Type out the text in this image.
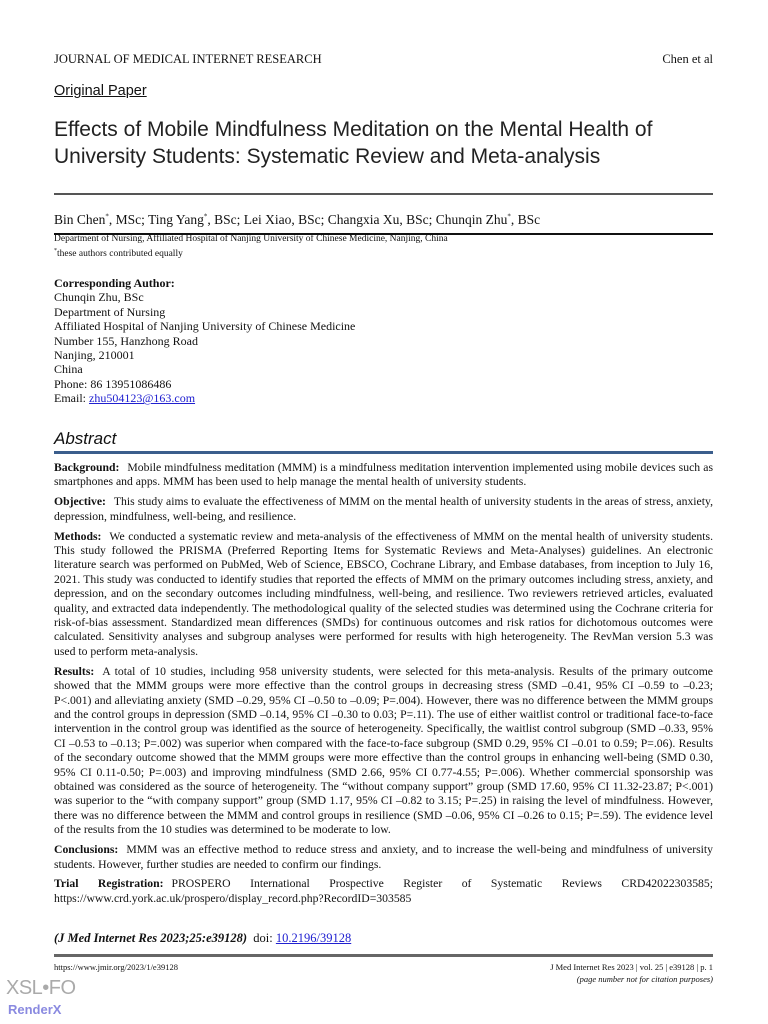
JOURNAL OF MEDICAL INTERNET RESEARCH	Chen et al
Original Paper
Effects of Mobile Mindfulness Meditation on the Mental Health of University Students: Systematic Review and Meta-analysis
Bin Chen*, MSc; Ting Yang*, BSc; Lei Xiao, BSc; Changxia Xu, BSc; Chunqin Zhu*, BSc
Department of Nursing, Affiliated Hospital of Nanjing University of Chinese Medicine, Nanjing, China
*these authors contributed equally
Corresponding Author:
Chunqin Zhu, BSc
Department of Nursing
Affiliated Hospital of Nanjing University of Chinese Medicine
Number 155, Hanzhong Road
Nanjing, 210001
China
Phone: 86 13951086486
Email: zhu504123@163.com
Abstract

Background: Mobile mindfulness meditation (MMM) is a mindfulness meditation intervention implemented using mobile devices such as smartphones and apps. MMM has been used to help manage the mental health of university students.

Objective: This study aims to evaluate the effectiveness of MMM on the mental health of university students in the areas of stress, anxiety, depression, mindfulness, well-being, and resilience.

Methods: We conducted a systematic review and meta-analysis of the effectiveness of MMM on the mental health of university students. This study followed the PRISMA (Preferred Reporting Items for Systematic Reviews and Meta-Analyses) guidelines. An electronic literature search was performed on PubMed, Web of Science, EBSCO, Cochrane Library, and Embase databases, from inception to July 16, 2021. This study was conducted to identify studies that reported the effects of MMM on the primary outcomes including stress, anxiety, and depression, and on the secondary outcomes including mindfulness, well-being, and resilience. Two reviewers retrieved articles, evaluated quality, and extracted data independently. The methodological quality of the selected studies was determined using the Cochrane criteria for risk-of-bias assessment. Standardized mean differences (SMDs) for continuous outcomes and risk ratios for dichotomous outcomes were calculated. Sensitivity analyses and subgroup analyses were performed for results with high heterogeneity. The RevMan version 5.3 was used to perform meta-analysis.

Results: A total of 10 studies, including 958 university students, were selected for this meta-analysis. Results of the primary outcome showed that the MMM groups were more effective than the control groups in decreasing stress (SMD –0.41, 95% CI –0.59 to –0.23; P<.001) and alleviating anxiety (SMD –0.29, 95% CI –0.50 to –0.09; P=.004). However, there was no difference between the MMM groups and the control groups in depression (SMD –0.14, 95% CI –0.30 to 0.03; P=.11). The use of either waitlist control or traditional face-to-face intervention in the control group was identified as the source of heterogeneity. Specifically, the waitlist control subgroup (SMD –0.33, 95% CI –0.53 to –0.13; P=.002) was superior when compared with the face-to-face subgroup (SMD 0.29, 95% CI –0.01 to 0.59; P=.06). Results of the secondary outcome showed that the MMM groups were more effective than the control groups in enhancing well-being (SMD 0.30, 95% CI 0.11-0.50; P=.003) and improving mindfulness (SMD 2.66, 95% CI 0.77-4.55; P=.006). Whether commercial sponsorship was obtained was considered as the source of heterogeneity. The “without company support” group (SMD 17.60, 95% CI 11.32-23.87; P<.001) was superior to the “with company support” group (SMD 1.17, 95% CI –0.82 to 3.15; P=.25) in raising the level of mindfulness. However, there was no difference between the MMM and control groups in resilience (SMD –0.06, 95% CI –0.26 to 0.15; P=.59). The evidence level of the results from the 10 studies was determined to be moderate to low.

Conclusions: MMM was an effective method to reduce stress and anxiety, and to increase the well-being and mindfulness of university students. However, further studies are needed to confirm our findings.

Trial Registration: PROSPERO International Prospective Register of Systematic Reviews CRD42022303585; https://www.crd.york.ac.uk/prospero/display_record.php?RecordID=303585

(J Med Internet Res 2023;25:e39128) doi: 10.2196/39128
https://www.jmir.org/2023/1/e39128	J Med Internet Res 2023 | vol. 25 | e39128 | p. 1
(page number not for citation purposes)
XSL•FO
RenderX
